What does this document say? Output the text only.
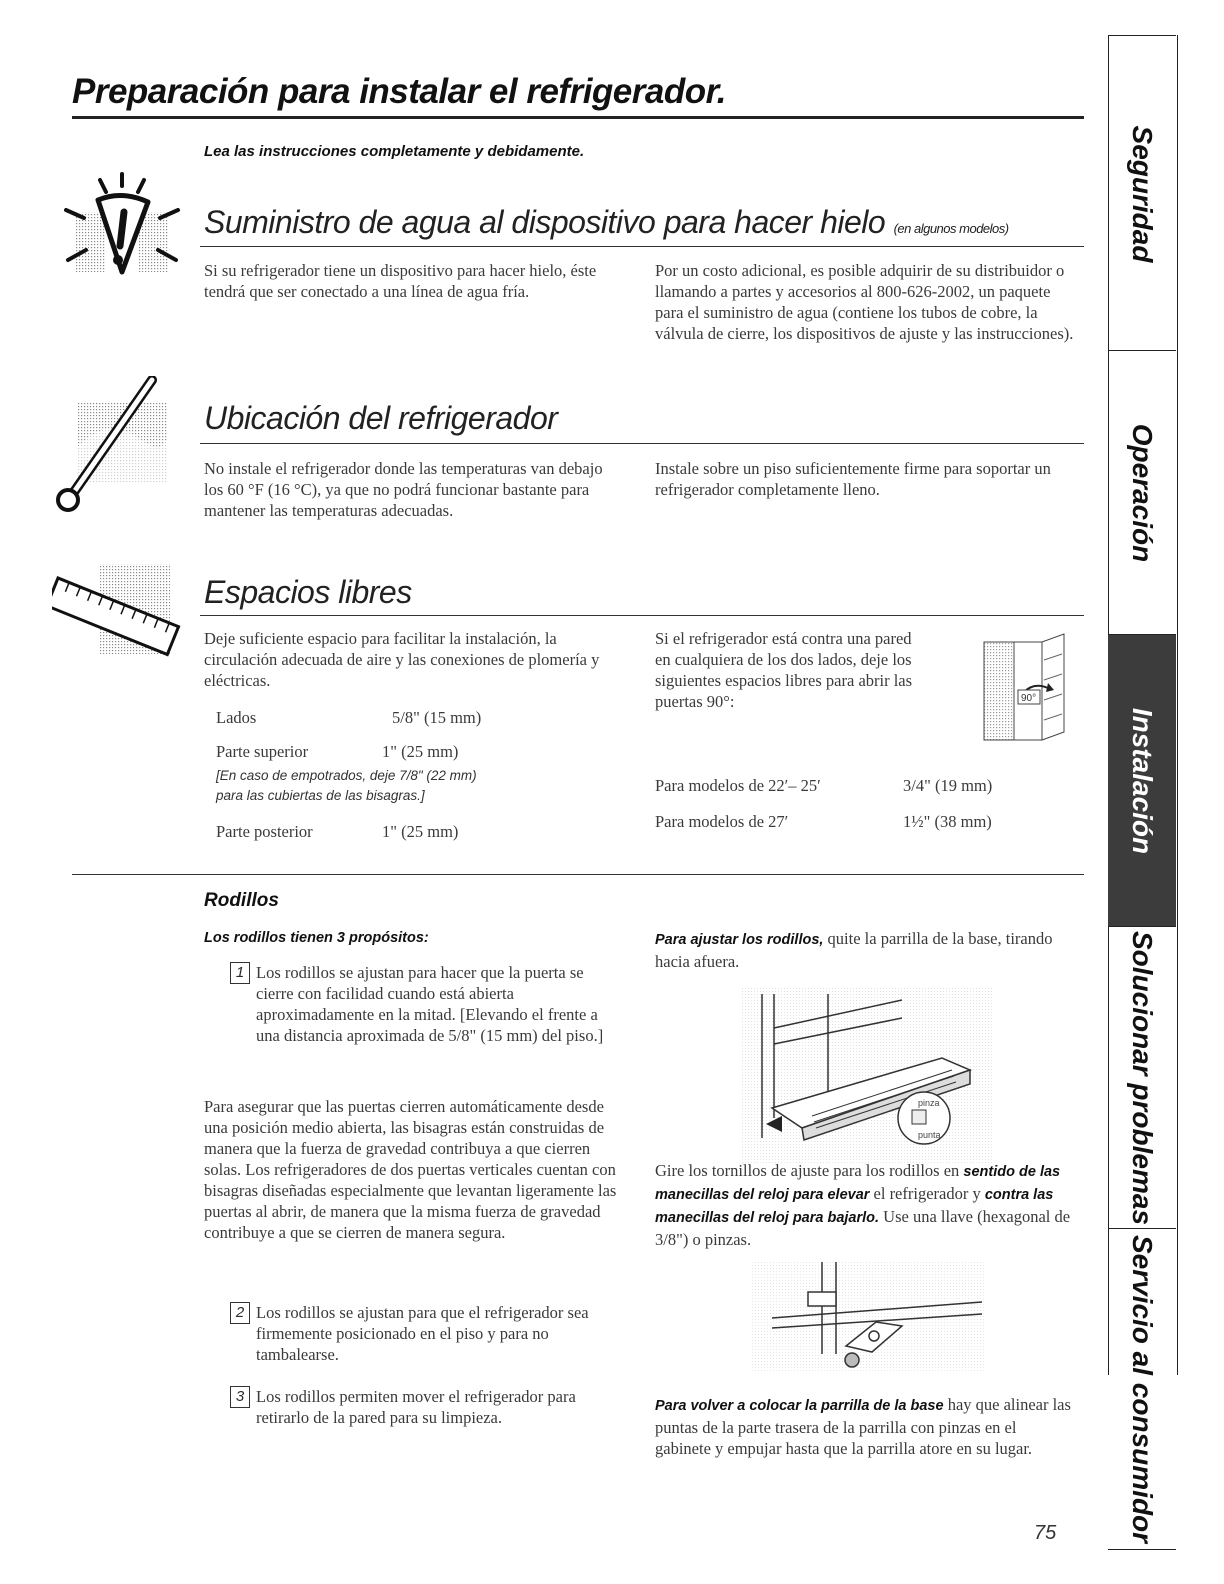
Preparación para instalar el refrigerador.
Lea las instrucciones completamente y debidamente.
Suministro de agua al dispositivo para hacer hielo (en algunos modelos)

Si su refrigerador tiene un dispositivo para hacer hielo, éste tendrá que ser conectado a una línea de agua fría.

Por un costo adicional, es posible adquirir de su distribuidor o llamando a partes y accesorios al 800-626-2002, un paquete para el suministro de agua (contiene los tubos de cobre, la válvula de cierre, los dispositivos de ajuste y las instrucciones).

Ubicación del refrigerador

No instale el refrigerador donde las temperaturas van debajo los 60 °F (16 °C), ya que no podrá funcionar bastante para mantener las temperaturas adecuadas.

Instale sobre un piso suficientemente firme para soportar un refrigerador completamente lleno.

Espacios libres

Deje suficiente espacio para facilitar la instalación, la circulación adecuada de aire y las conexiones de plomería y eléctricas.

Lados	5/8" (15 mm)
Parte superior	1" (25 mm)
[En caso de empotrados, deje 7/8" (22 mm)
para las cubiertas de las bisagras.]
Parte posterior	1" (25 mm)

Si el refrigerador está contra una pared en cualquiera de los dos lados, deje los siguientes espacios libres para abrir las puertas 90°:	90°
Para modelos de 22′– 25′	3/4" (19 mm)
Para modelos de 27′	1½" (38 mm)
Rodillos
Los rodillos tienen 3 propósitos:
1 Los rodillos se ajustan para hacer que la puerta se cierre con facilidad cuando está abierta aproximadamente en la mitad. [Elevando el frente a una distancia aproximada de 5/8" (15 mm) del piso.]

Para asegurar que las puertas cierren automáticamente desde una posición medio abierta, las bisagras están construidas de manera que la fuerza de gravedad contribuya a que cierren solas. Los refrigeradores de dos puertas verticales cuentan con bisagras diseñadas especialmente que levantan ligeramente las puertas al abrir, de manera que la misma fuerza de gravedad contribuye a que se cierren de manera segura.

2 Los rodillos se ajustan para que el refrigerador sea firmemente posicionado en el piso y para no tambalearse.

3 Los rodillos permiten mover el refrigerador para retirarlo de la pared para su limpieza.

Para ajustar los rodillos, quite la parrilla de la base, tirando hacia afuera.

pinza
punta

Gire los tornillos de ajuste para los rodillos en sentido de las manecillas del reloj para elevar el refrigerador y contra las manecillas del reloj para bajarlo. Use una llave (hexagonal de 3/8") o pinzas.

Para volver a colocar la parrilla de la base hay que alinear las puntas de la parte trasera de la parrilla con pinzas en el gabinete y empujar hasta que la parrilla atore en su lugar.

75
Seguridad
Operación
Instalación
Solucionar problemas
Servicio al consumidor
